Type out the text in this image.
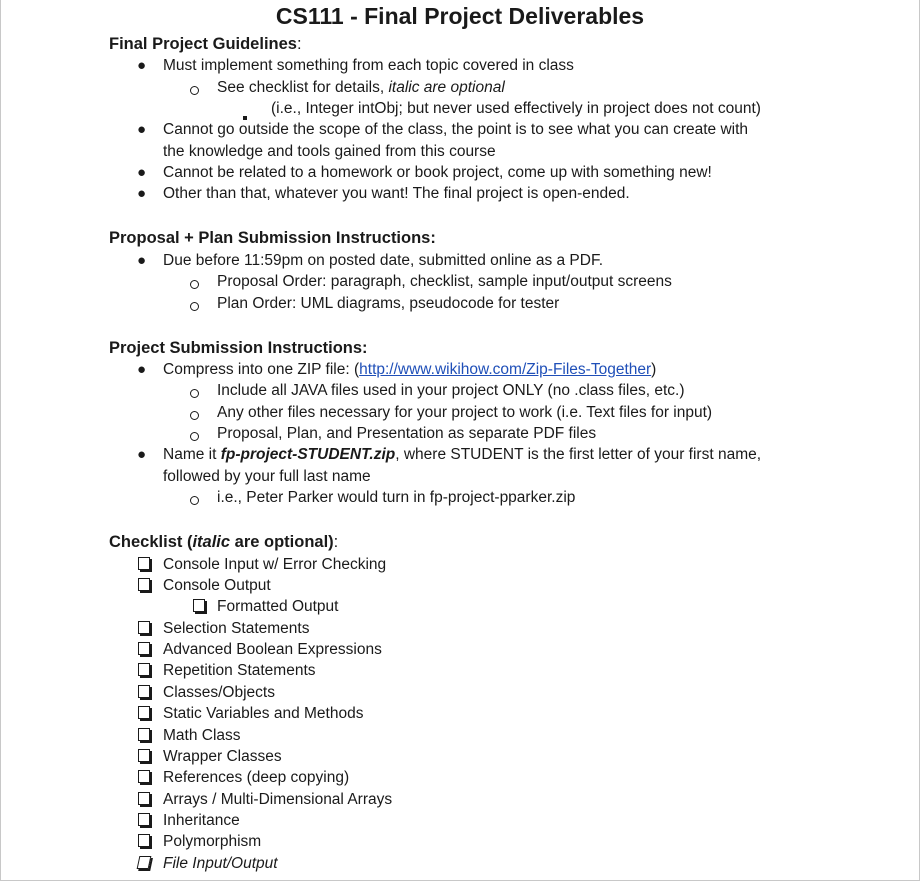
CS111 - Final Project Deliverables
Final Project Guidelines:
● Must implement something from each topic covered in class
See checklist for details, italic are optional
(i.e., Integer intObj; but never used effectively in project does not count)
● Cannot go outside the scope of the class, the point is to see what you can create with
the knowledge and tools gained from this course
● Cannot be related to a homework or book project, come up with something new!
● Other than that, whatever you want! The final project is open-ended.
Proposal + Plan Submission Instructions:
● Due before 11:59pm on posted date, submitted online as a PDF.
Proposal Order: paragraph, checklist, sample input/output screens
Plan Order: UML diagrams, pseudocode for tester
Project Submission Instructions:
● Compress into one ZIP file: (http://www.wikihow.com/Zip-Files-Together)
Include all JAVA files used in your project ONLY (no .class files, etc.)
Any other files necessary for your project to work (i.e. Text files for input)
Proposal, Plan, and Presentation as separate PDF files
● Name it fp-project-STUDENT.zip, where STUDENT is the first letter of your first name,
followed by your full last name
i.e., Peter Parker would turn in fp-project-pparker.zip
Checklist (italic are optional):
Console Input w/ Error Checking
Console Output
Formatted Output
Selection Statements
Advanced Boolean Expressions
Repetition Statements
Classes/Objects
Static Variables and Methods
Math Class
Wrapper Classes
References (deep copying)
Arrays / Multi-Dimensional Arrays
Inheritance
Polymorphism
File Input/Output
